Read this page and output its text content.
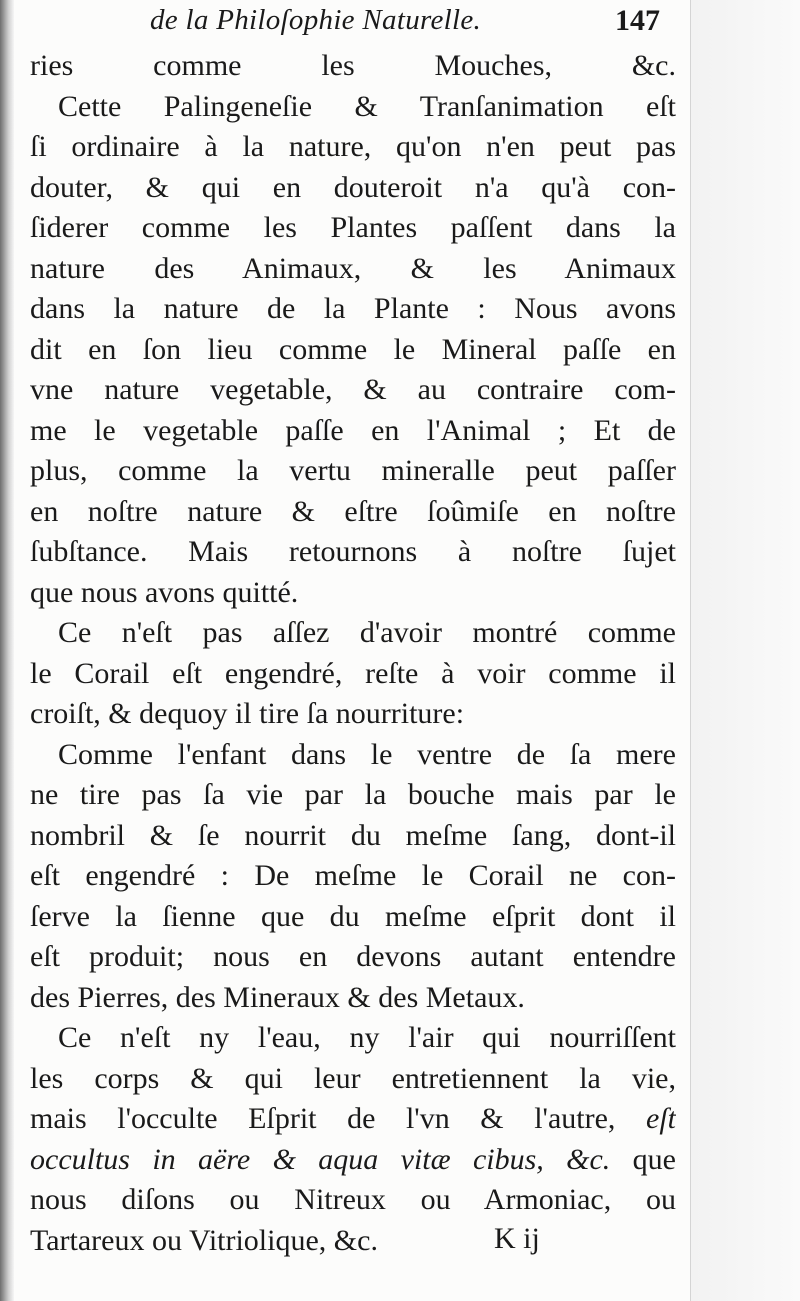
de la Philoſophie Naturelle.	147
ries comme les Mouches, &c.
Cette Palingeneſie & Tranſanimation eſt
ſi ordinaire à la nature, qu'on n'en peut pas
douter, & qui en douteroit n'a qu'à con-
ſiderer comme les Plantes paſſent dans la
nature des Animaux, & les Animaux
dans la nature de la Plante : Nous avons
dit en ſon lieu comme le Mineral paſſe en
vne nature vegetable, & au contraire com-
me le vegetable paſſe en l'Animal ; Et de
plus, comme la vertu mineralle peut paſſer
en noſtre nature & eſtre ſoûmiſe en noſtre
ſubſtance. Mais retournons à noſtre ſujet
que nous avons quitté.
Ce n'eſt pas aſſez d'avoir montré comme
le Corail eſt engendré, reſte à voir comme il
croiſt, & dequoy il tire ſa nourriture:
Comme l'enfant dans le ventre de ſa mere
ne tire pas ſa vie par la bouche mais par le
nombril & ſe nourrit du meſme ſang, dont-il
eſt engendré : De meſme le Corail ne con-
ſerve la ſienne que du meſme eſprit dont il
eſt produit; nous en devons autant entendre
des Pierres, des Mineraux & des Metaux.
Ce n'eſt ny l'eau, ny l'air qui nourriſſent
les corps & qui leur entretiennent la vie,
mais l'occulte Eſprit de l'vn & l'autre, eſt
occultus in aëre & aqua vitæ cibus, &c. que
nous diſons ou Nitreux ou Armoniac, ou
Tartareux ou Vitriolique, &c.	K ij
